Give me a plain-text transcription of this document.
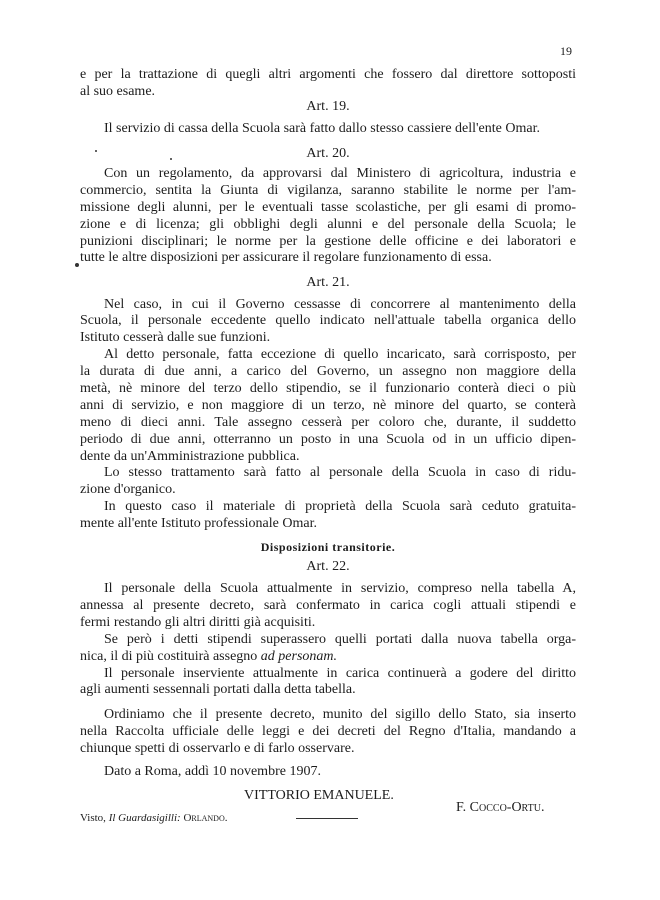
19
e per la trattazione di quegli altri argomenti che fossero dal direttore sottoposti
al suo esame.
Art. 19.
Il servizio di cassa della Scuola sarà fatto dallo stesso cassiere dell'ente Omar.
Art. 20.
Con un regolamento, da approvarsi dal Ministero di agricoltura, industria e
commercio, sentita la Giunta di vigilanza, saranno stabilite le norme per l'am-
missione degli alunni, per le eventuali tasse scolastiche, per gli esami di promo-
zione e di licenza; gli obblighi degli alunni e del personale della Scuola; le
punizioni disciplinari; le norme per la gestione delle officine e dei laboratori e
tutte le altre disposizioni per assicurare il regolare funzionamento di essa.
Art. 21.
Nel caso, in cui il Governo cessasse di concorrere al mantenimento della
Scuola, il personale eccedente quello indicato nell'attuale tabella organica dello
Istituto cesserà dalle sue funzioni.
Al detto personale, fatta eccezione di quello incaricato, sarà corrisposto, per
la durata di due anni, a carico del Governo, un assegno non maggiore della
metà, nè minore del terzo dello stipendio, se il funzionario conterà dieci o più
anni di servizio, e non maggiore di un terzo, nè minore del quarto, se conterà
meno di dieci anni. Tale assegno cesserà per coloro che, durante, il suddetto
periodo di due anni, otterranno un posto in una Scuola od in un ufficio dipen-
dente da un'Amministrazione pubblica.
Lo stesso trattamento sarà fatto al personale della Scuola in caso di ridu-
zione d'organico.
In questo caso il materiale di proprietà della Scuola sarà ceduto gratuita-
mente all'ente Istituto professionale Omar.
Disposizioni transitorie.
Art. 22.
Il personale della Scuola attualmente in servizio, compreso nella tabella A,
annessa al presente decreto, sarà confermato in carica cogli attuali stipendi e
fermi restando gli altri diritti già acquisiti.
Se però i detti stipendi superassero quelli portati dalla nuova tabella orga-
nica, il di più costituirà assegno ad personam.
Il personale inserviente attualmente in carica continuerà a godere del diritto
agli aumenti sessennali portati dalla detta tabella.
Ordiniamo che il presente decreto, munito del sigillo dello Stato, sia inserto
nella Raccolta ufficiale delle leggi e dei decreti del Regno d'Italia, mandando a
chiunque spetti di osservarlo e di farlo osservare.
Dato a Roma, addì 10 novembre 1907.
VITTORIO EMANUELE.
F. Cocco-Ortu.
Visto, Il Guardasigilli: Orlando.
